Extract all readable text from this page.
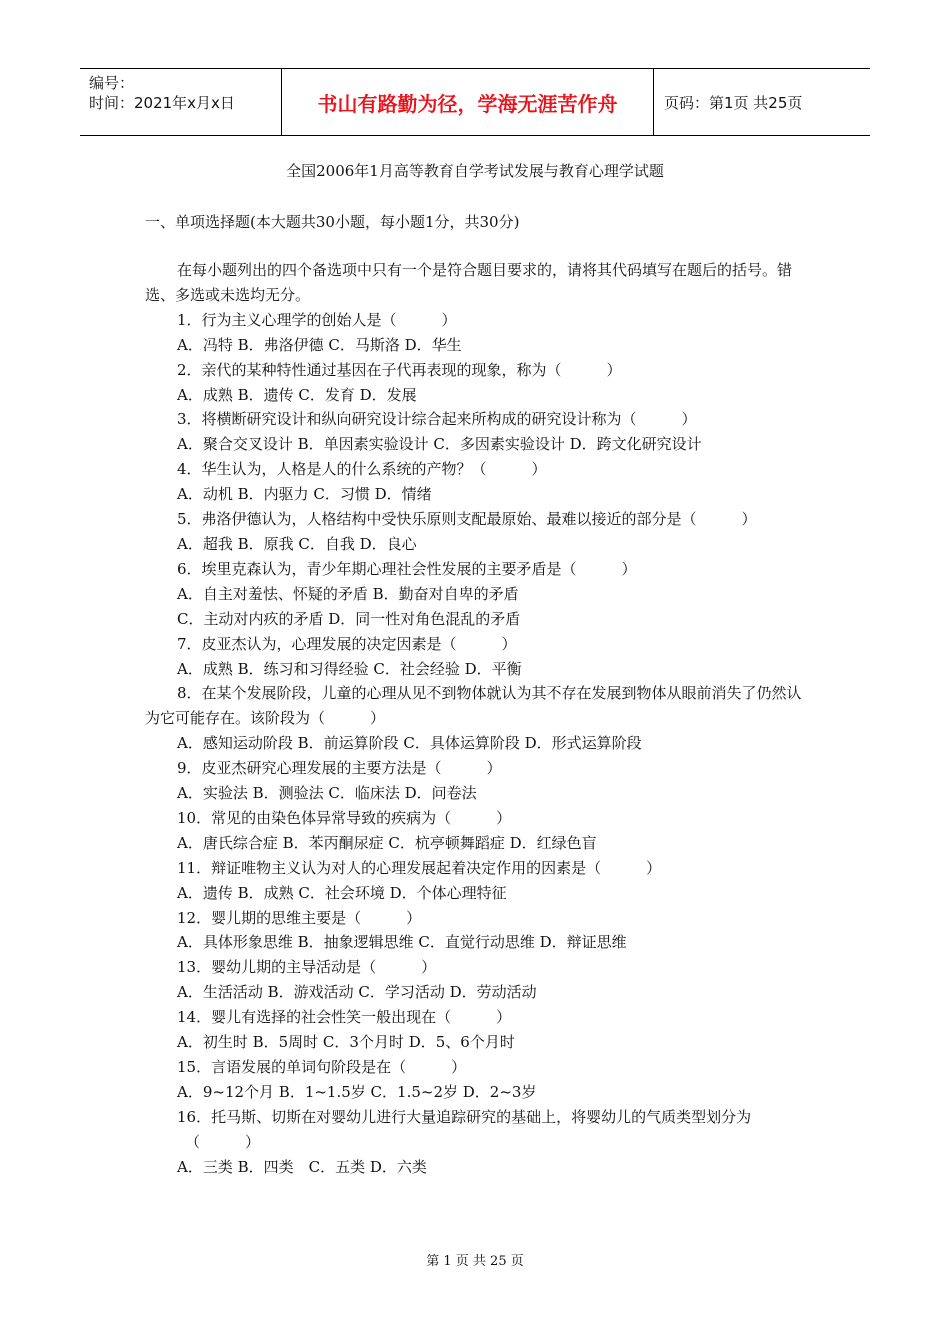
编号：
时间：2021年x月x日	书山有路勤为径，学海无涯苦作舟	页码：第1页 共25页
全国2006年1月高等教育自学考试发展与教育心理学试题
一、单项选择题(本大题共30小题，每小题1分，共30分)

在每小题列出的四个备选项中只有一个是符合题目要求的，请将其代码填写在题后的括号。错选、多选或未选均无分。

1．行为主义心理学的创始人是（　　　）

A．冯特 B．弗洛伊德 C．马斯洛 D．华生

2．亲代的某种特性通过基因在子代再表现的现象，称为（　　　）

A．成熟 B．遗传 C．发育 D．发展

3．将横断研究设计和纵向研究设计综合起来所构成的研究设计称为（　　　）

A．聚合交叉设计 B．单因素实验设计 C．多因素实验设计 D．跨文化研究设计

4．华生认为，人格是人的什么系统的产物？（　　　）

A．动机 B．内驱力 C．习惯 D．情绪

5．弗洛伊德认为，人格结构中受快乐原则支配最原始、最难以接近的部分是（　　　）

A．超我 B．原我 C．自我 D．良心

6．埃里克森认为，青少年期心理社会性发展的主要矛盾是（　　　）

A．自主对羞怯、怀疑的矛盾 B．勤奋对自卑的矛盾

C．主动对内疚的矛盾 D．同一性对角色混乱的矛盾

7．皮亚杰认为，心理发展的决定因素是（　　　）

A．成熟 B．练习和习得经验 C．社会经验 D．平衡

8．在某个发展阶段，儿童的心理从见不到物体就认为其不存在发展到物体从眼前消失了仍然认为它可能存在。该阶段为（　　　）

A．感知运动阶段 B．前运算阶段 C．具体运算阶段 D．形式运算阶段

9．皮亚杰研究心理发展的主要方法是（　　　）

A．实验法 B．测验法 C．临床法 D．问卷法

10．常见的由染色体异常导致的疾病为（　　　）

A．唐氏综合症 B．苯丙酮尿症 C．杭亭顿舞蹈症 D．红绿色盲

11．辩证唯物主义认为对人的心理发展起着决定作用的因素是（　　　）

A．遗传 B．成熟 C．社会环境 D．个体心理特征

12．婴儿期的思维主要是（　　　）

A．具体形象思维 B．抽象逻辑思维 C．直觉行动思维 D．辩证思维

13．婴幼儿期的主导活动是（　　　）

A．生活活动 B．游戏活动 C．学习活动 D．劳动活动

14．婴儿有选择的社会性笑一般出现在（　　　）

A．初生时 B．5周时 C．3个月时 D．5、6个月时

15．言语发展的单词句阶段是在（　　　）

A．9~12个月 B．1~1.5岁 C．1.5~2岁 D．2~3岁

16．托马斯、切斯在对婴幼儿进行大量追踪研究的基础上，将婴幼儿的气质类型划分为

（　　　）

A．三类 B．四类　C．五类 D．六类

第 1 页 共 25 页
